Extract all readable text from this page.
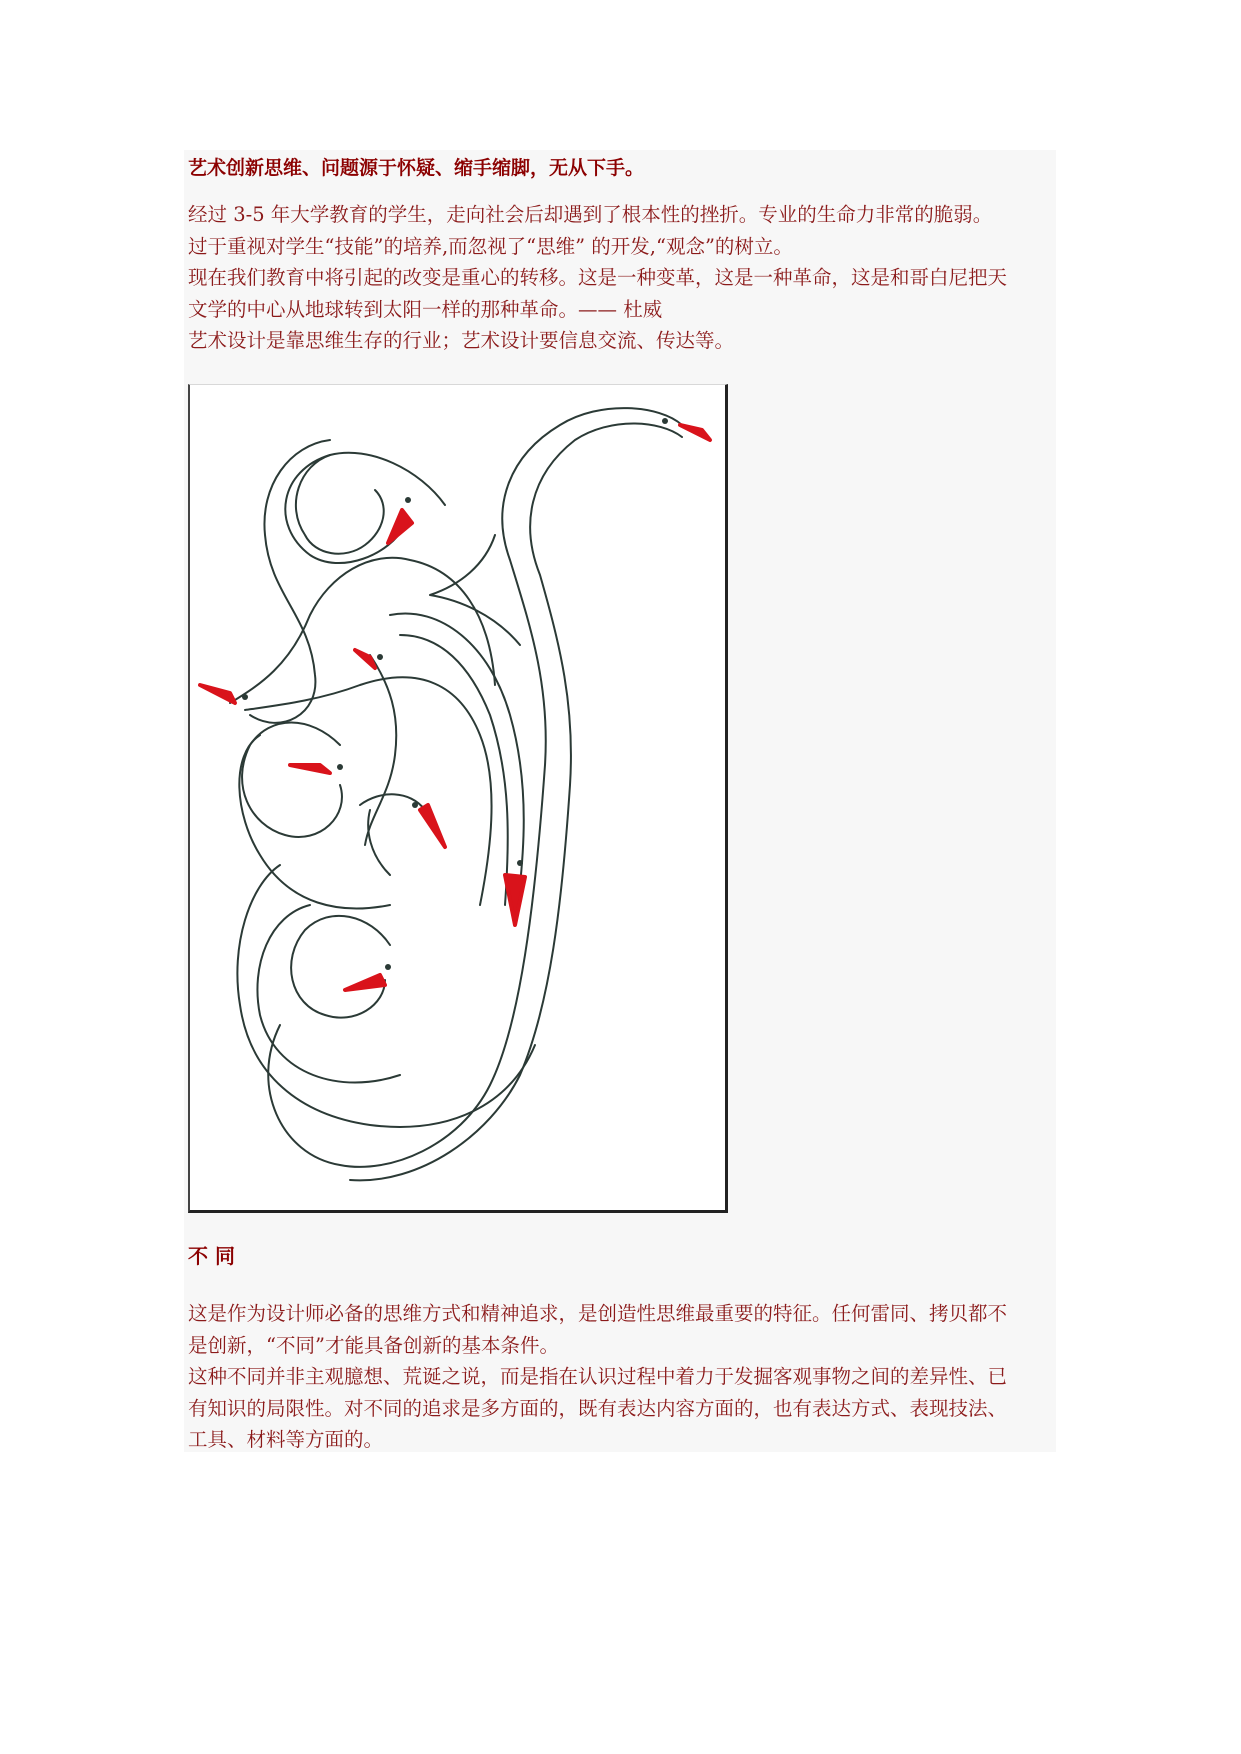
艺术创新思维、问题源于怀疑、缩手缩脚，无从下手。
经过 3-5 年大学教育的学生，走向社会后却遇到了根本性的挫折。专业的生命力非常的脆弱。
过于重视对学生“技能”的培养,而忽视了“思维” 的开发,“观念”的树立。
现在我们教育中将引起的改变是重心的转移。这是一种变革，这是一种革命，这是和哥白尼把天
文学的中心从地球转到太阳一样的那种革命。—— 杜威
艺术设计是靠思维生存的行业；艺术设计要信息交流、传达等。
不 同
这是作为设计师必备的思维方式和精神追求，是创造性思维最重要的特征。任何雷同、拷贝都不
是创新，“不同”才能具备创新的基本条件。
这种不同并非主观臆想、荒诞之说，而是指在认识过程中着力于发掘客观事物之间的差异性、已
有知识的局限性。对不同的追求是多方面的，既有表达内容方面的，也有表达方式、表现技法、
工具、材料等方面的。
